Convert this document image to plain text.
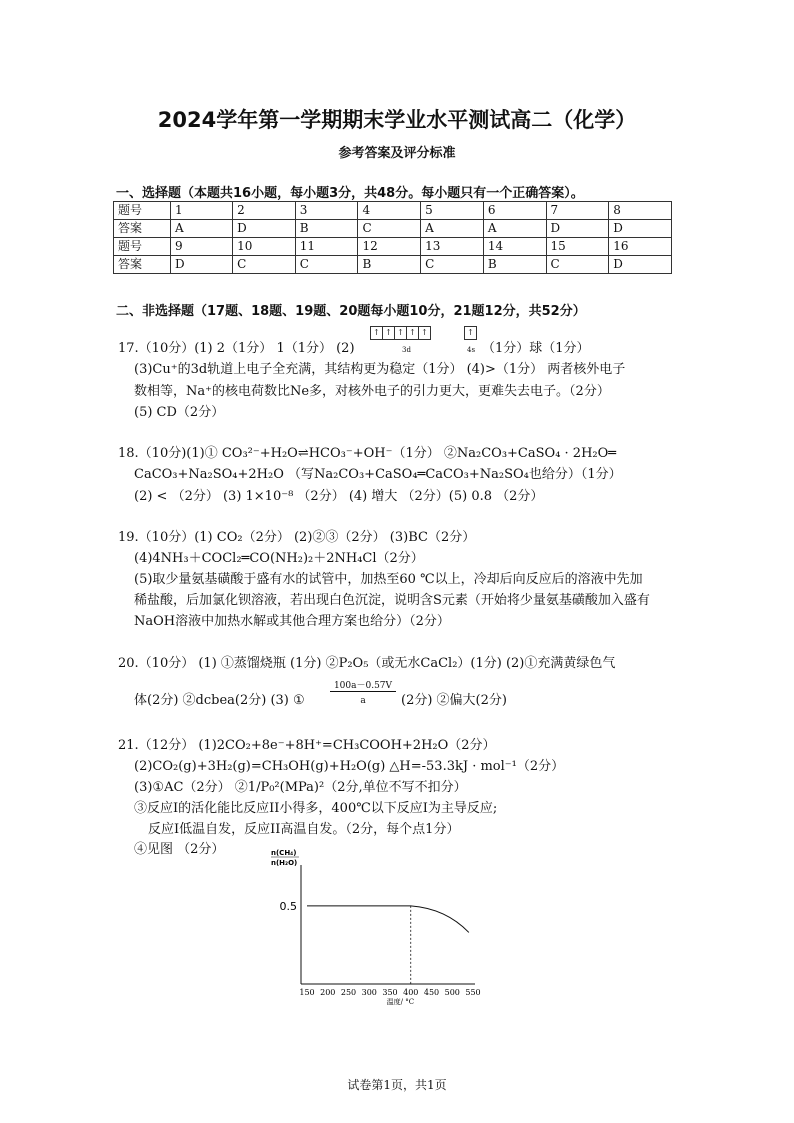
2024学年第一学期期末学业水平测试高二（化学）
参考答案及评分标准
一、选择题（本题共16小题，每小题3分，共48分。每小题只有一个正确答案）。
题号	1	2	3	4	5	6	7	8
答案	A	D	B	C	A	A	D	D
题号	9	10	11	12	13	14	15	16
答案	D	C	C	B	C	B	C	D
二、非选择题（17题、18题、19题、20题每小题10分，21题12分，共52分）
↑ ↑ ↑ ↑ ↑	↑
3d	4s
17.（10分）(1) 2（1分） 1（1分） (2)	（1分）球（1分）
(3)Cu⁺的3d轨道上电子全充满，其结构更为稳定（1分） (4)>（1分） 两者核外电子
数相等，Na⁺的核电荷数比Ne多，对核外电子的引力更大，更难失去电子。（2分）
(5) CD（2分）
18.（10分)(1)① CO₃²⁻+H₂O⇌HCO₃⁻+OH⁻（1分） ②Na₂CO₃+CaSO₄ · 2H₂O═
CaCO₃+Na₂SO₄+2H₂O （写Na₂CO₃+CaSO₄═CaCO₃+Na₂SO₄也给分）（1分）
(2) < （2分） (3) 1×10⁻⁸ （2分） (4) 增大 （2分）(5) 0.8 （2分）
19.（10分）(1) CO₂（2分） (2)②③（2分） (3)BC（2分）
(4)4NH₃＋COCl₂═CO(NH₂)₂＋2NH₄Cl（2分）
(5)取少量氨基磺酸于盛有水的试管中，加热至60 ℃以上，冷却后向反应后的溶液中先加
稀盐酸，后加氯化钡溶液，若出现白色沉淀，说明含S元素（开始将少量氨基磺酸加入盛有
NaOH溶液中加热水解或其他合理方案也给分）（2分）
20.（10分） (1) ①蒸馏烧瓶 (1分) ②P₂O₅（或无水CaCl₂）(1分) (2)①充满黄绿色气
体(2分) ②dcbea(2分) (3) ①	$\frac{100a-0.57V}{a} (2$分) ②偏大(2分)
21.（12分） (1)2CO₂+8e⁻+8H⁺=CH₃COOH+2H₂O（2分）
(2)CO₂(g)+3H₂(g)=CH₃OH(g)+H₂O(g) △H=-53.3kJ · mol⁻¹（2分）
(3)①AC（2分） ②1/P₀²(MPa)²（2分,单位不写不扣分）
③反应I的活化能比反应II小得多，400℃以下反应I为主导反应;
反应I低温自发，反应II高温自发。（2分，每个点1分）
④见图 （2分）	n(CH₄)
n(H₂O)
0.5
150 200 250 300 350 400 450 500 550
温度/ °C
试卷第1页，共1页
